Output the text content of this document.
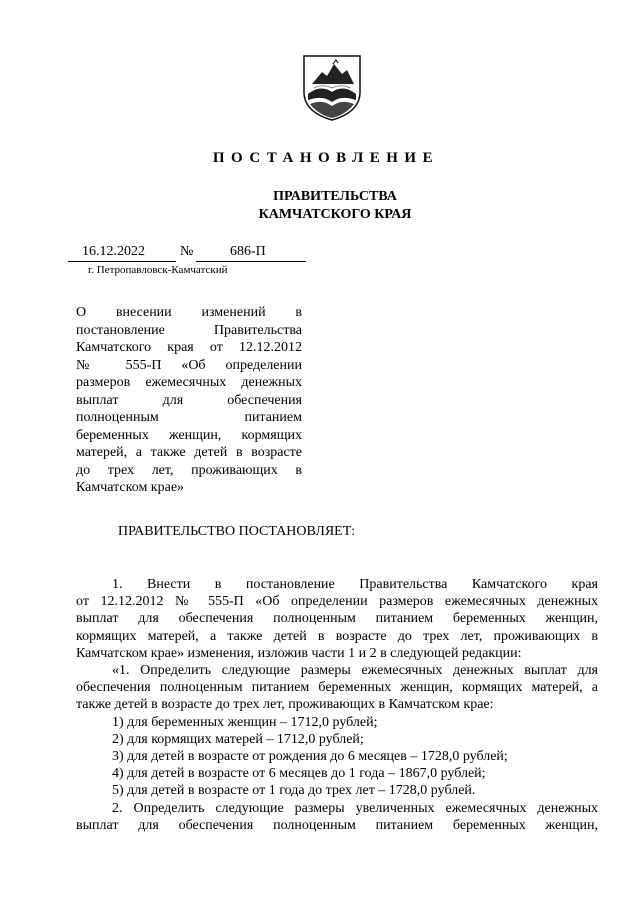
ПОСТАНОВЛЕНИЕ
ПРАВИТЕЛЬСТВА
КАМЧАТСКОГО КРАЯ
16.12.2022	№	686-П
г. Петропавловск-Камчатский
О внесении изменений в
постановление Правительства
Камчатского края от 12.12.2012
№ 555-П «Об определении
размеров ежемесячных денежных
выплат для обеспечения
полноценным питанием
беременных женщин, кормящих
матерей, а также детей в возрасте
до трех лет, проживающих в
Камчатском крае»
ПРАВИТЕЛЬСТВО ПОСТАНОВЛЯЕТ:
1. Внести в постановление Правительства Камчатского края
от 12.12.2012 № 555-П «Об определении размеров ежемесячных денежных
выплат для обеспечения полноценным питанием беременных женщин,
кормящих матерей, а также детей в возрасте до трех лет, проживающих в
Камчатском крае» изменения, изложив части 1 и 2 в следующей редакции:
«1. Определить следующие размеры ежемесячных денежных выплат для
обеспечения полноценным питанием беременных женщин, кормящих матерей, а
также детей в возрасте до трех лет, проживающих в Камчатском крае:
1) для беременных женщин – 1712,0 рублей;
2) для кормящих матерей – 1712,0 рублей;
3) для детей в возрасте от рождения до 6 месяцев – 1728,0 рублей;
4) для детей в возрасте от 6 месяцев до 1 года – 1867,0 рублей;
5) для детей в возрасте от 1 года до трех лет – 1728,0 рублей.
2. Определить следующие размеры увеличенных ежемесячных денежных
выплат для обеспечения полноценным питанием беременных женщин,
